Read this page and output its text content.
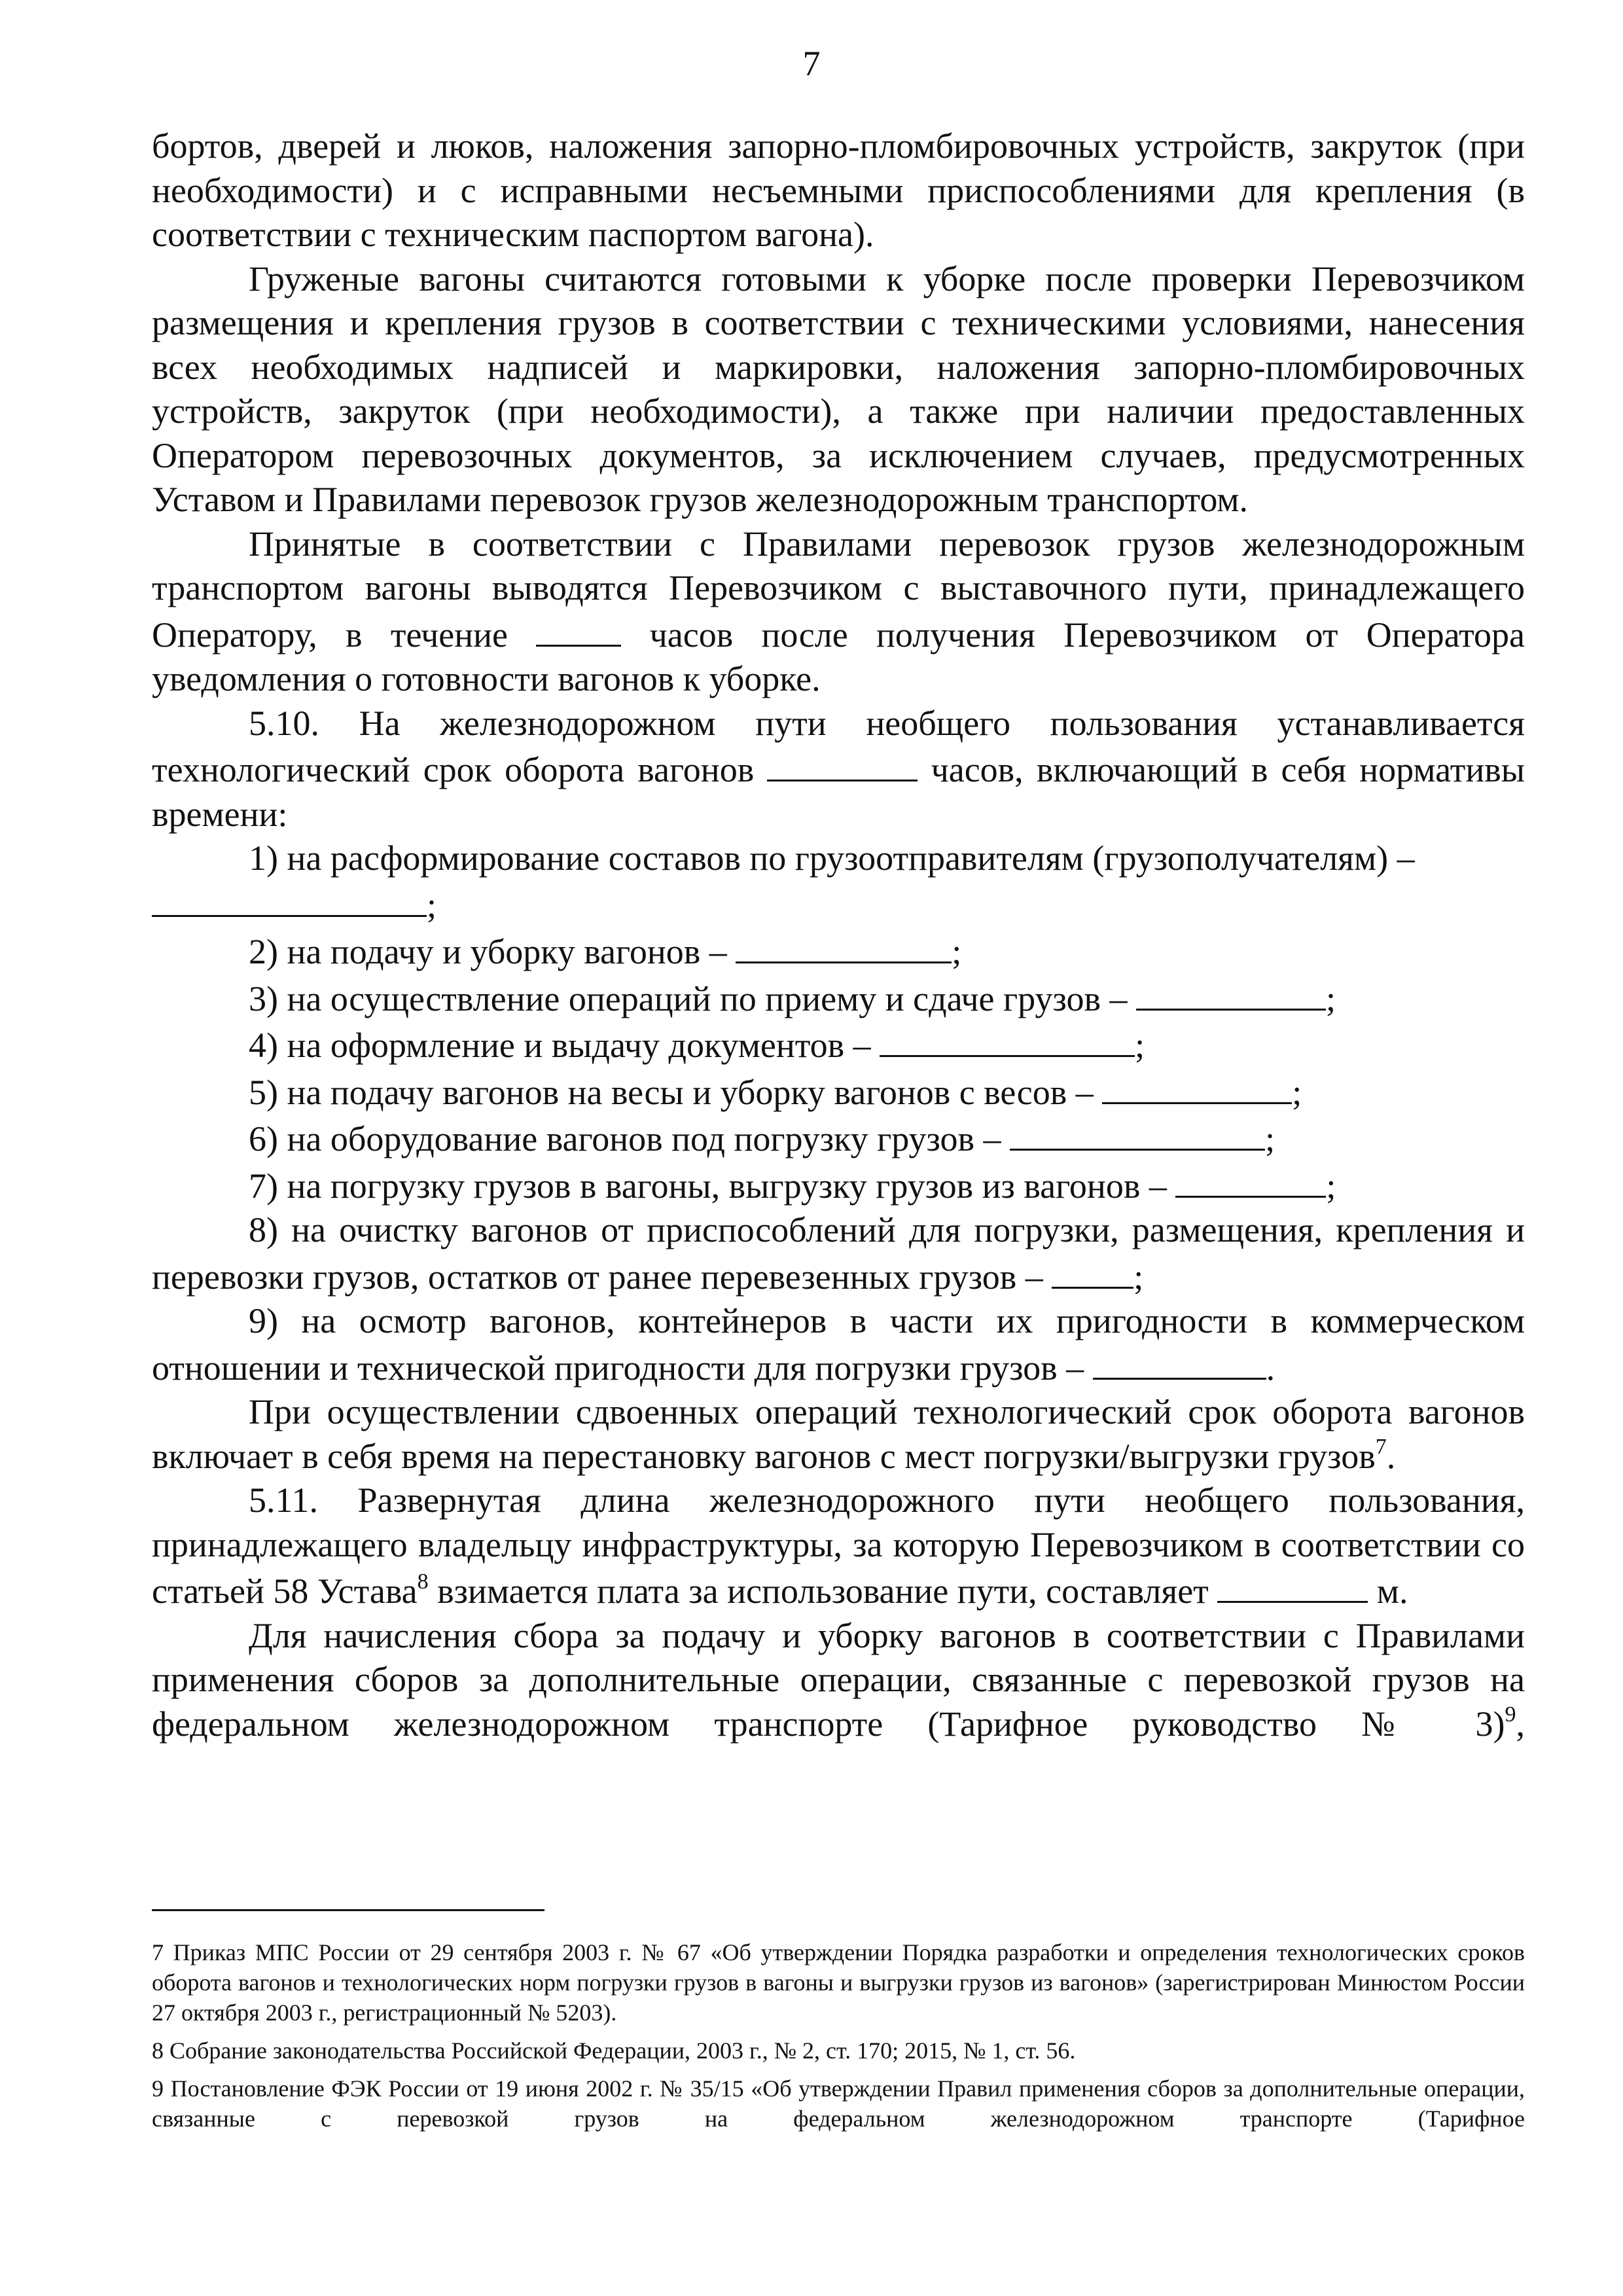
7

бортов, дверей и люков, наложения запорно-пломбировочных устройств, закруток (при необходимости) и с исправными несъемными приспособлениями для крепления (в соответствии с техническим паспортом вагона).

Груженые вагоны считаются готовыми к уборке после проверки Перевозчиком размещения и крепления грузов в соответствии с техническими условиями, нанесения всех необходимых надписей и маркировки, наложения запорно-пломбировочных устройств, закруток (при необходимости), а также при наличии предоставленных Оператором перевозочных документов, за исключением случаев, предусмотренных Уставом и Правилами перевозок грузов железнодорожным транспортом.

Принятые в соответствии с Правилами перевозок грузов железнодорожным транспортом вагоны выводятся Перевозчиком с выставочного пути, принадлежащего Оператору, в течение	часов после получения Перевозчиком от Оператора уведомления о готовности вагонов к уборке.

5.10. На железнодорожном пути необщего пользования устанавливается технологический срок оборота вагонов	часов, включающий в себя нормативы времени:

1) на расформирование составов по грузоотправителям (грузополучателям) –

;

2) на подачу и уборку вагонов –	;

3) на осуществление операций по приему и сдаче грузов –	;

4) на оформление и выдачу документов –	;

5) на подачу вагонов на весы и уборку вагонов с весов –	;

6) на оборудование вагонов под погрузку грузов –	;

7) на погрузку грузов в вагоны, выгрузку грузов из вагонов –	;

8) на очистку вагонов от приспособлений для погрузки, размещения, крепления и перевозки грузов, остатков от ранее перевезенных грузов –	;

9) на осмотр вагонов, контейнеров в части их пригодности в коммерческом отношении и технической пригодности для погрузки грузов –	.

При осуществлении сдвоенных операций технологический срок оборота вагонов включает в себя время на перестановку вагонов с мест погрузки/выгрузки грузов$^7$.

5.11. Развернутая длина железнодорожного пути необщего пользования, принадлежащего владельцу инфраструктуры, за которую Перевозчиком в соответствии со статьей 58 Устава$^8$ взимается плата за использование пути, составляет	м.

Для начисления сбора за подачу и уборку вагонов в соответствии с Правилами применения сборов за дополнительные операции, связанные с перевозкой грузов на федеральном железнодорожном транспорте (Тарифное руководство № 3)$^9$,

7 Приказ МПС России от 29 сентября 2003 г. № 67 «Об утверждении Порядка разработки и определения технологических сроков оборота вагонов и технологических норм погрузки грузов в вагоны и выгрузки грузов из вагонов» (зарегистрирован Минюстом России 27 октября 2003 г., регистрационный № 5203).

8 Собрание законодательства Российской Федерации, 2003 г., № 2, ст. 170; 2015, № 1, ст. 56.

9 Постановление ФЭК России от 19 июня 2002 г. № 35/15 «Об утверждении Правил применения сборов за дополнительные операции, связанные с перевозкой грузов на федеральном железнодорожном транспорте (Тарифное
